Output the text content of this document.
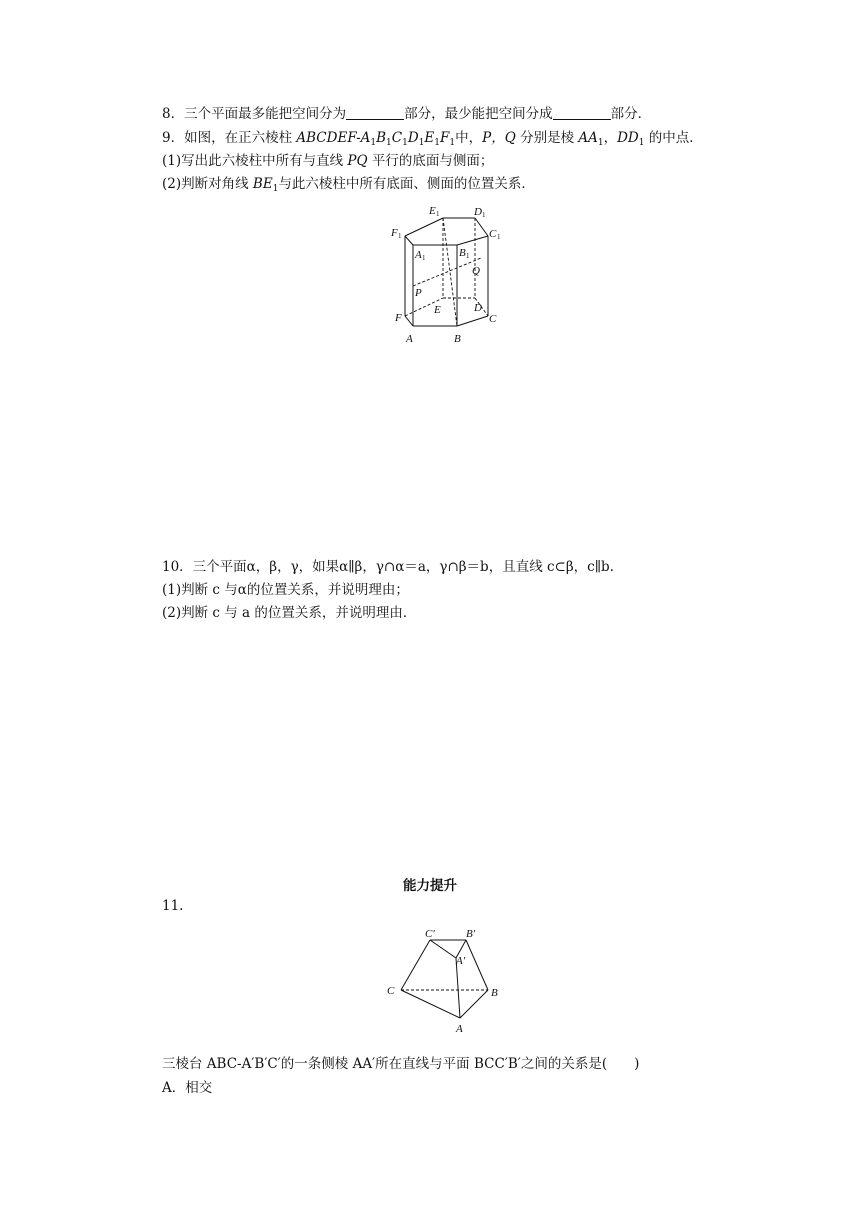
8．三个平面最多能把空间分为	部分，最少能把空间分成	部分．
9．如图，在正六棱柱 ABCDEF-$A_1B_1C_1D_1E_1F_1$中，P，Q 分别是棱 $AA_1$，$DD_1$ 的中点．
(1)写出此六棱柱中所有与直线 PQ 平行的底面与侧面；
(2)判断对角线 $BE_1$与此六棱柱中所有底面、侧面的位置关系．
E 1	D 1
F 1	C 1
A 1	B 1
Q
P
E	D
F	C
A	B
10．三个平面α，β，γ，如果α∥β，γ∩α＝a，γ∩β＝b，且直线 c⊂β，c∥b.
(1)判断 c 与α的位置关系，并说明理由；
(2)判断 c 与 a 的位置关系，并说明理由．
能力提升
11.
C′	B′
A′
C	B
A
三棱台 ABC-A′B′C′的一条侧棱 AA′所在直线与平面 BCC′B′之间的关系是(　　)
A．相交
